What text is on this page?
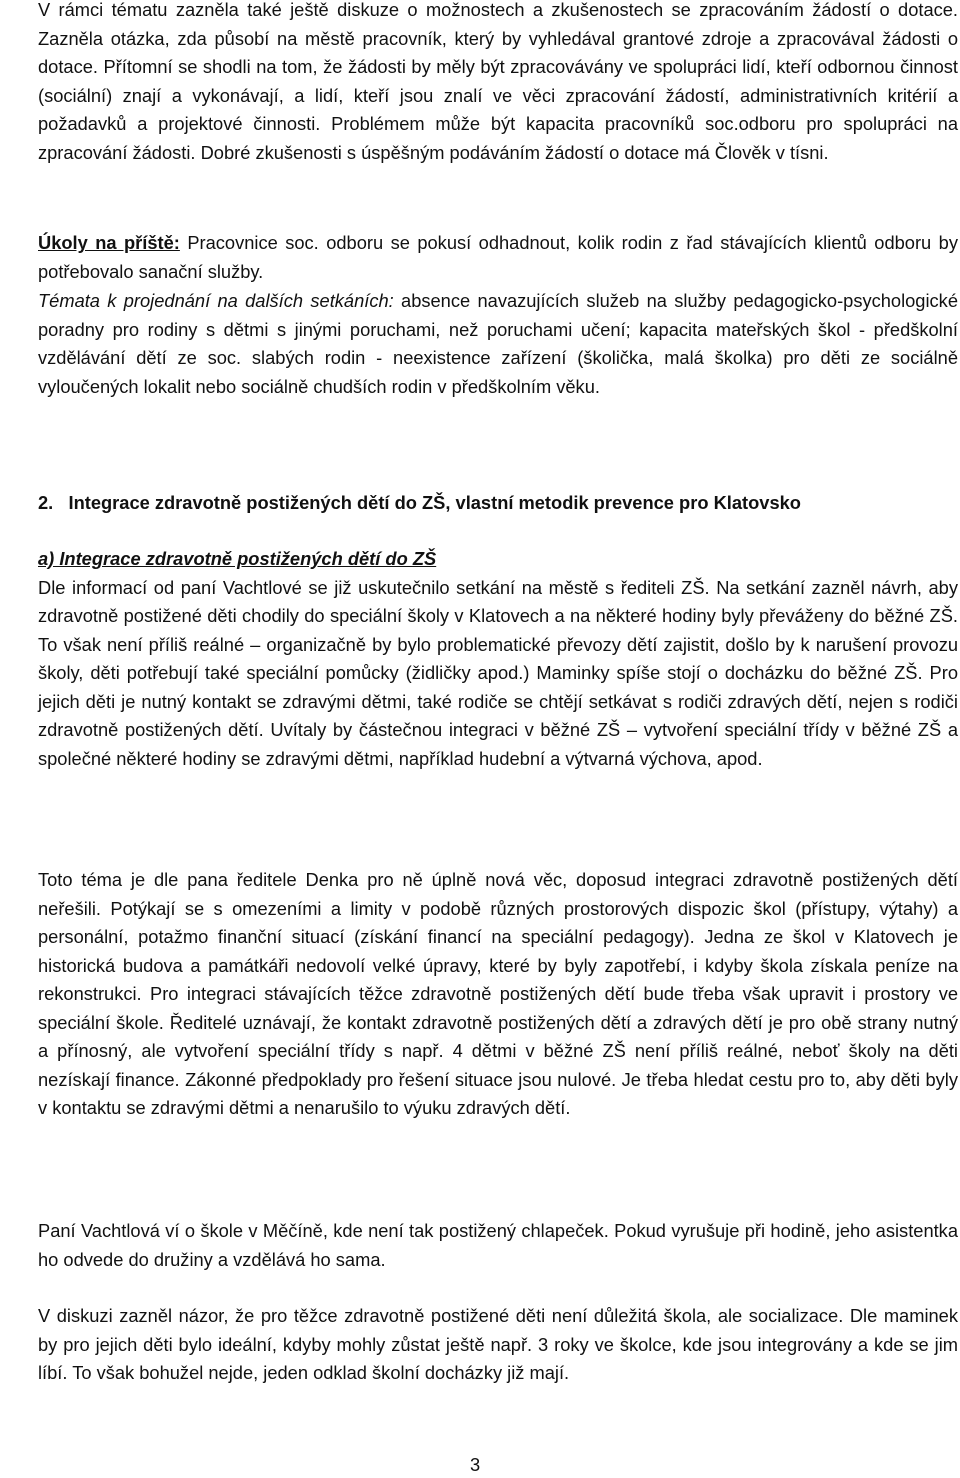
V rámci tématu zazněla také ještě diskuze o možnostech a zkušenostech se zpracováním žádostí o dotace. Zazněla otázka, zda působí na městě pracovník, který by vyhledával grantové zdroje a zpracovával žádosti o dotace. Přítomní se shodli na tom, že žádosti by měly být zpracovávány ve spolupráci lidí, kteří odbornou činnost (sociální) znají a vykonávají, a lidí, kteří jsou znalí ve věci zpracování žádostí, administrativních kritérií a požadavků a projektové činnosti. Problémem může být kapacita pracovníků soc.odboru pro spolupráci na zpracování žádosti. Dobré zkušenosti s úspěšným podáváním žádostí o dotace má Člověk v tísni.

Úkoly na příště: Pracovnice soc. odboru se pokusí odhadnout, kolik rodin z řad stávajících klientů odboru by potřebovalo sanační služby.

Témata k projednání na dalších setkáních: absence navazujících služeb na služby pedagogicko-psychologické poradny pro rodiny s dětmi s jinými poruchami, než poruchami učení; kapacita mateřských škol - předškolní vzdělávání dětí ze soc. slabých rodin - neexistence zařízení (školička, malá školka) pro děti ze sociálně vyloučených lokalit nebo sociálně chudších rodin v předškolním věku.

2. Integrace zdravotně postižených dětí do ZŠ, vlastní metodik prevence pro Klatovsko

a) Integrace zdravotně postižených dětí do ZŠ
Dle informací od paní Vachtlové se již uskutečnilo setkání na městě s řediteli ZŠ. Na setkání zazněl návrh, aby zdravotně postižené děti chodily do speciální školy v Klatovech a na některé hodiny byly převáženy do běžné ZŠ. To však není příliš reálné – organizačně by bylo problematické převozy dětí zajistit, došlo by k narušení provozu školy, děti potřebují také speciální pomůcky (židličky apod.) Maminky spíše stojí o docházku do běžné ZŠ. Pro jejich děti je nutný kontakt se zdravými dětmi, také rodiče se chtějí setkávat s rodiči zdravých dětí, nejen s rodiči zdravotně postižených dětí. Uvítaly by částečnou integraci v běžné ZŠ – vytvoření speciální třídy v běžné ZŠ a společné některé hodiny se zdravými dětmi, například hudební a výtvarná výchova, apod.

Toto téma je dle pana ředitele Denka pro ně úplně nová věc, doposud integraci zdravotně postižených dětí neřešili. Potýkají se s omezeními a limity v podobě různých prostorových dispozic škol (přístupy, výtahy) a personální, potažmo finanční situací (získání financí na speciální pedagogy). Jedna ze škol v Klatovech je historická budova a památkáři nedovolí velké úpravy, které by byly zapotřebí, i kdyby škola získala peníze na rekonstrukci. Pro integraci stávajících těžce zdravotně postižených dětí bude třeba však upravit i prostory ve speciální škole. Ředitelé uznávají, že kontakt zdravotně postižených dětí a zdravých dětí je pro obě strany nutný a přínosný, ale vytvoření speciální třídy s např. 4 dětmi v běžné ZŠ není příliš reálné, neboť školy na děti nezískají finance. Zákonné předpoklady pro řešení situace jsou nulové. Je třeba hledat cestu pro to, aby děti byly v kontaktu se zdravými dětmi a nenarušilo to výuku zdravých dětí.

Paní Vachtlová ví o škole v Měčíně, kde není tak postižený chlapeček. Pokud vyrušuje při hodině, jeho asistentka ho odvede do družiny a vzdělává ho sama.

V diskuzi zazněl názor, že pro těžce zdravotně postižené děti není důležitá škola, ale socializace. Dle maminek by pro jejich děti bylo ideální, kdyby mohly zůstat ještě např. 3 roky ve školce, kde jsou integrovány a kde se jim líbí. To však bohužel nejde, jeden odklad školní docházky již mají.

3
